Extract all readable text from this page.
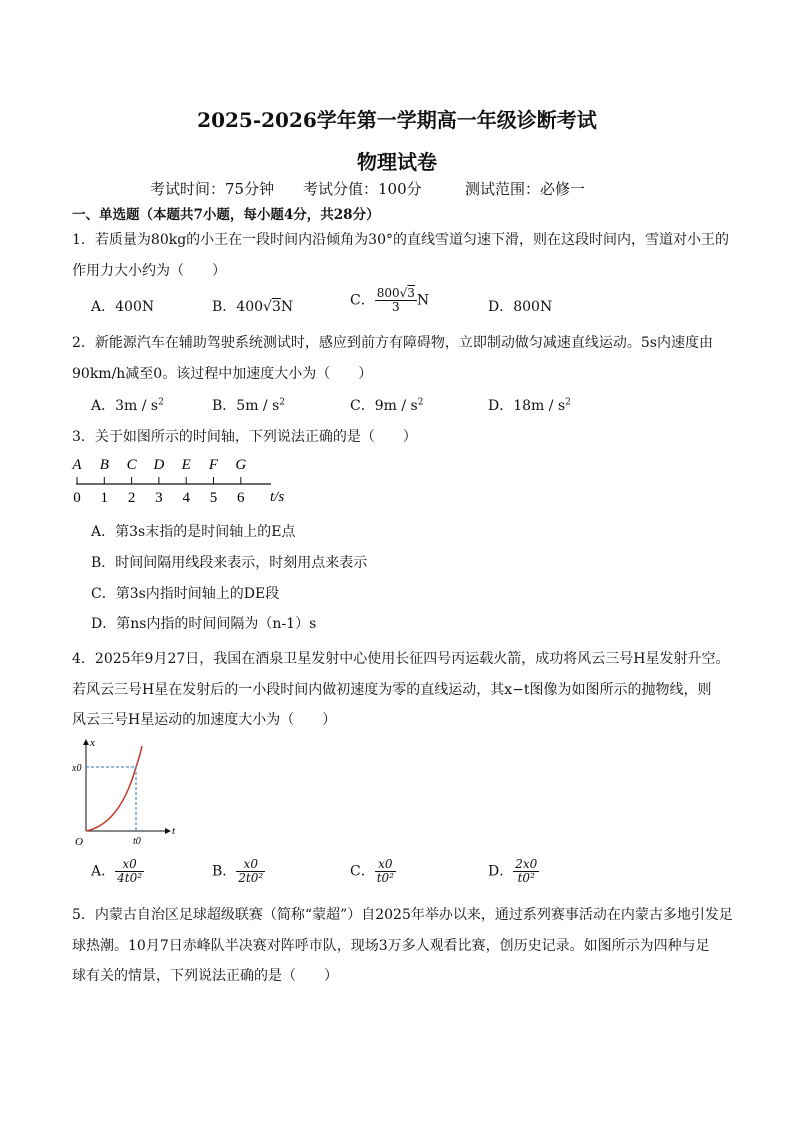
2025-2026学年第一学期高一年级诊断考试
物理试卷
考试时间：75分钟 考试分值：100分	测试范围：必修一
一、单选题（本题共7小题，每小题4分，共28分）
1．若质量为80kg的小王在一段时间内沿倾角为30°的直线雪道匀速下滑，则在这段时间内，雪道对小王的
作用力大小约为（　　）
A．400N	B．400√3N	C． $\frac{800√3}{3}$ N	D．800N
2．新能源汽车在辅助驾驶系统测试时，感应到前方有障碍物，立即制动做匀减速直线运动。5s内速度由
90km/h减至0。该过程中加速度大小为（　　）
A．$3m / s^2$	B．$5m / s^2$	C．$9m / s^2$	D．$18m / s^2$
3．关于如图所示的时间轴，下列说法正确的是（　　）
A
0
B
1
C
2
D
3
E
4
F
5
G
6 t/s
A．第3s末指的是时间轴上的E点
B．时间间隔用线段来表示，时刻用点来表示
C．第3s内指时间轴上的DE段
D．第ns内指的时间间隔为（n-1）s
4．2025年9月27日，我国在酒泉卫星发射中心使用长征四号丙运载火箭，成功将风云三号H星发射升空。
若风云三号H星在发射后的一小段时间内做初速度为零的直线运动，其x−t图像为如图所示的抛物线，则
风云三号H星运动的加速度大小为（　　）
x
t
O
x0
t0
A． $\frac{x0}{\text{4t0²}}$	B． $\frac{x0}{\text{2t0²}}$	C． $\frac{x0}{\text{t0²}}$	D． $\frac{2x0}{\text{t0²}}$
5．内蒙古自治区足球超级联赛（简称“蒙超”）自2025年举办以来，通过系列赛事活动在内蒙古多地引发足
球热潮。10月7日赤峰队半决赛对阵呼市队，现场3万多人观看比赛，创历史记录。如图所示为四种与足
球有关的情景，下列说法正确的是（　　）
